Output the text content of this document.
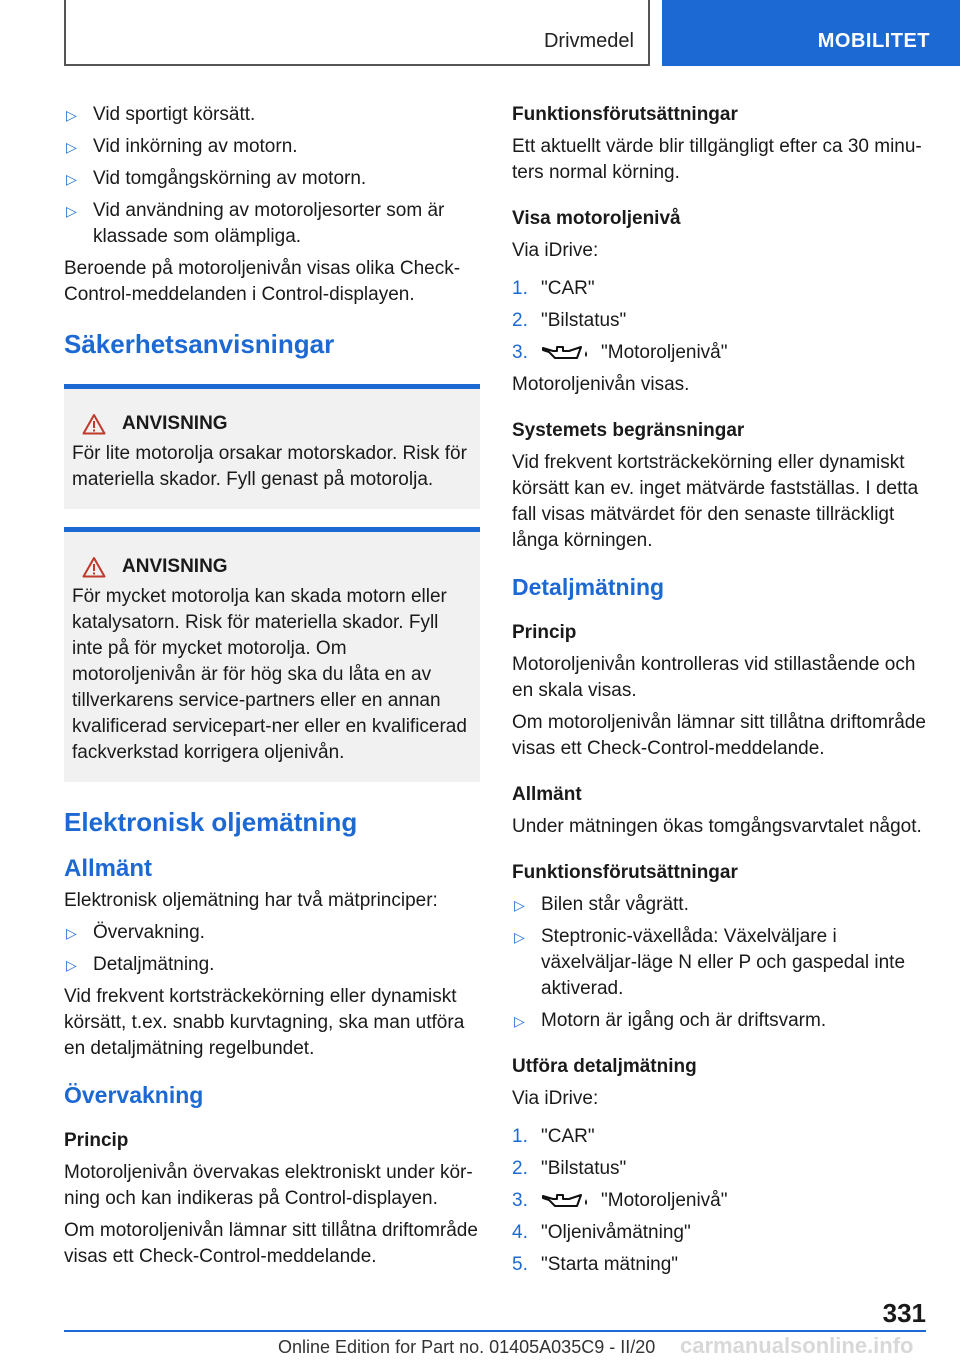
Drivmedel	MOBILITET
▷ Vid sportigt körsätt.
▷ Vid inkörning av motorn.
▷ Vid tomgångskörning av motorn.
▷ Vid användning av motoroljesorter som är klassade som olämpliga.

Beroende på motoroljenivån visas olika Check-Control-meddelanden i Control-displayen.

Säkerhetsanvisningar
ANVISNING

För lite motorolja orsakar motorskador. Risk för materiella skador. Fyll genast på motorolja.

ANVISNING

För mycket motorolja kan skada motorn eller katalysatorn. Risk för materiella skador. Fyll inte på för mycket motorolja. Om motoroljenivån är för hög ska du låta en av tillverkarens service-partners eller en annan kvalificerad servicepart-ner eller en kvalificerad fackverkstad korrigera oljenivån.

Elektronisk oljemätning
Allmänt

Elektronisk oljemätning har två mätprinciper:

▷ Övervakning.
▷ Detaljmätning.

Vid frekvent kortsträckekörning eller dynamiskt körsätt, t.ex. snabb kurvtagning, ska man utföra en detaljmätning regelbundet.

Övervakning
Princip

Motoroljenivån övervakas elektroniskt under kör-ning och kan indikeras på Control-displayen.

Om motoroljenivån lämnar sitt tillåtna driftområde visas ett Check-Control-meddelande.

Funktionsförutsättningar

Ett aktuellt värde blir tillgängligt efter ca 30 minu-ters normal körning.

Visa motoroljenivå

Via iDrive:

1. "CAR"
2. "Bilstatus"
3.	"Motoroljenivå"

Motoroljenivån visas.

Systemets begränsningar

Vid frekvent kortsträckekörning eller dynamiskt körsätt kan ev. inget mätvärde fastställas. I detta fall visas mätvärdet för den senaste tillräckligt långa körningen.

Detaljmätning
Princip

Motoroljenivån kontrolleras vid stillastående och en skala visas.

Om motoroljenivån lämnar sitt tillåtna driftområde visas ett Check-Control-meddelande.

Allmänt

Under mätningen ökas tomgångsvarvtalet något.

Funktionsförutsättningar
▷ Bilen står vågrätt.
▷ Steptronic-växellåda: Växelväljare i växelväljar-läge N eller P och gaspedal inte aktiverad.
▷ Motorn är igång och är driftsvarm.
Utföra detaljmätning

Via iDrive:

1. "CAR"
2. "Bilstatus"
3.	"Motoroljenivå"
4. "Oljenivåmätning"
5. "Starta mätning"
331
Online Edition for Part no. 01405A035C9 - II/20 carmanualsonline.info
